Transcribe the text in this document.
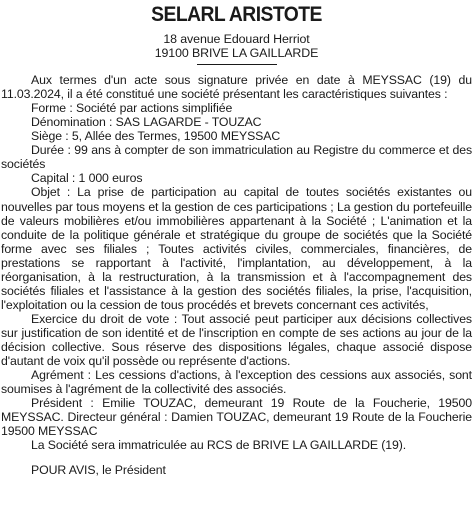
SELARL ARISTOTE

18 avenue Edouard Herriot

19100 BRIVE LA GAILLARDE

Aux termes d'un acte sous signature privée en date à MEYSSAC (19) du 11.03.2024, il a été constitué une société présentant les caractéristiques suivantes :

Forme : Société par actions simplifiée

Dénomination : SAS LAGARDE - TOUZAC

Siège : 5, Allée des Termes, 19500 MEYSSAC

Durée : 99 ans à compter de son immatriculation au Registre du commerce et des sociétés

Capital : 1 000 euros

Objet : La prise de participation au capital de toutes sociétés existantes ou nouvelles par tous moyens et la gestion de ces participations ; La gestion du portefeuille de valeurs mobilières et/ou immobilières appartenant à la Société ; L'animation et la conduite de la politique générale et stratégique du groupe de sociétés que la Société forme avec ses filiales ; Toutes activités civiles, commerciales, financières, de prestations se rapportant à l'activité, l'implantation, au développement, à la réorganisation, à la restructuration, à la transmission et à l'accompagnement des sociétés filiales et l'assistance à la gestion des sociétés filiales, la prise, l'acquisition, l'exploitation ou la cession de tous procédés et brevets concernant ces activités,

Exercice du droit de vote : Tout associé peut participer aux décisions collectives sur justification de son identité et de l'inscription en compte de ses actions au jour de la décision collective. Sous réserve des dispositions légales, chaque associé dispose d'autant de voix qu'il possède ou représente d'actions.

Agrément : Les cessions d'actions, à l'exception des cessions aux associés, sont soumises à l'agrément de la collectivité des associés.

Président : Emilie TOUZAC, demeurant 19 Route de la Foucherie, 19500 MEYSSAC. Directeur général : Damien TOUZAC, demeurant 19 Route de la Foucherie 19500 MEYSSAC

La Société sera immatriculée au RCS de BRIVE LA GAILLARDE (19).

POUR AVIS, le Président
